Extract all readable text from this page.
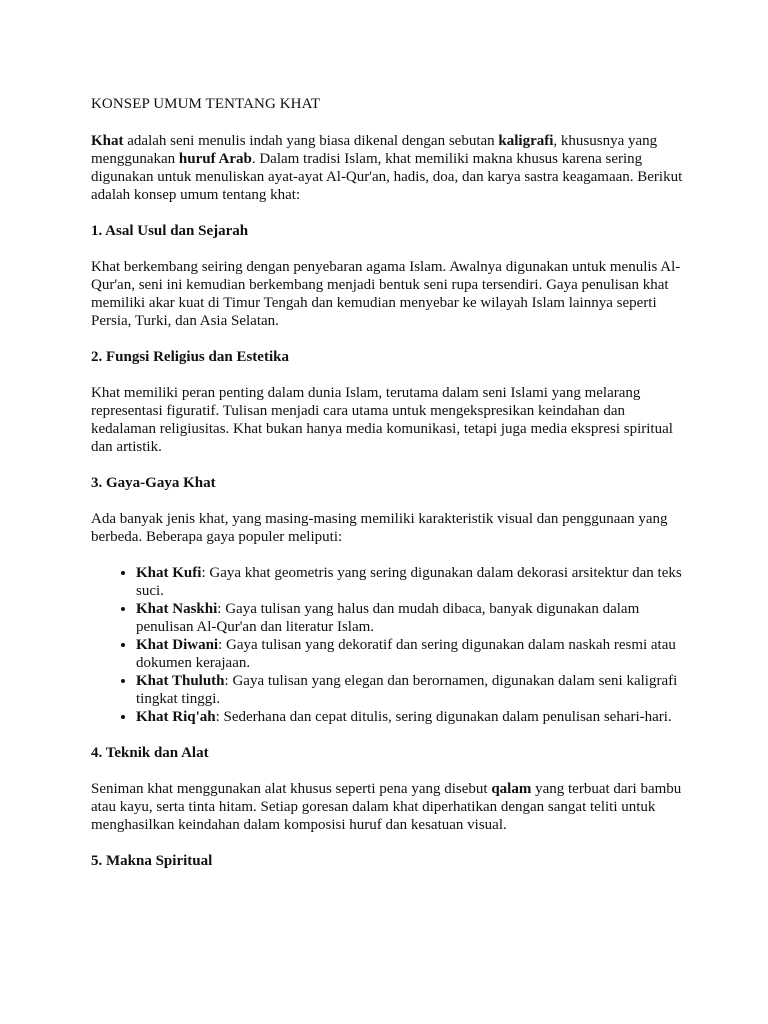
KONSEP UMUM TENTANG KHAT

Khat adalah seni menulis indah yang biasa dikenal dengan sebutan kaligrafi, khususnya yang menggunakan huruf Arab. Dalam tradisi Islam, khat memiliki makna khusus karena sering digunakan untuk menuliskan ayat-ayat Al-Qur'an, hadis, doa, dan karya sastra keagamaan. Berikut adalah konsep umum tentang khat:

1. Asal Usul dan Sejarah

Khat berkembang seiring dengan penyebaran agama Islam. Awalnya digunakan untuk menulis Al-Qur'an, seni ini kemudian berkembang menjadi bentuk seni rupa tersendiri. Gaya penulisan khat memiliki akar kuat di Timur Tengah dan kemudian menyebar ke wilayah Islam lainnya seperti Persia, Turki, dan Asia Selatan.

2. Fungsi Religius dan Estetika

Khat memiliki peran penting dalam dunia Islam, terutama dalam seni Islami yang melarang representasi figuratif. Tulisan menjadi cara utama untuk mengekspresikan keindahan dan kedalaman religiusitas. Khat bukan hanya media komunikasi, tetapi juga media ekspresi spiritual dan artistik.

3. Gaya-Gaya Khat

Ada banyak jenis khat, yang masing-masing memiliki karakteristik visual dan penggunaan yang berbeda. Beberapa gaya populer meliputi:

• Khat Kufi: Gaya khat geometris yang sering digunakan dalam dekorasi arsitektur dan teks suci.
• Khat Naskhi: Gaya tulisan yang halus dan mudah dibaca, banyak digunakan dalam penulisan Al-Qur'an dan literatur Islam.
• Khat Diwani: Gaya tulisan yang dekoratif dan sering digunakan dalam naskah resmi atau dokumen kerajaan.
• Khat Thuluth: Gaya tulisan yang elegan dan berornamen, digunakan dalam seni kaligrafi tingkat tinggi.
• Khat Riq'ah: Sederhana dan cepat ditulis, sering digunakan dalam penulisan sehari-hari.
4. Teknik dan Alat

Seniman khat menggunakan alat khusus seperti pena yang disebut qalam yang terbuat dari bambu atau kayu, serta tinta hitam. Setiap goresan dalam khat diperhatikan dengan sangat teliti untuk menghasilkan keindahan dalam komposisi huruf dan kesatuan visual.

5. Makna Spiritual
